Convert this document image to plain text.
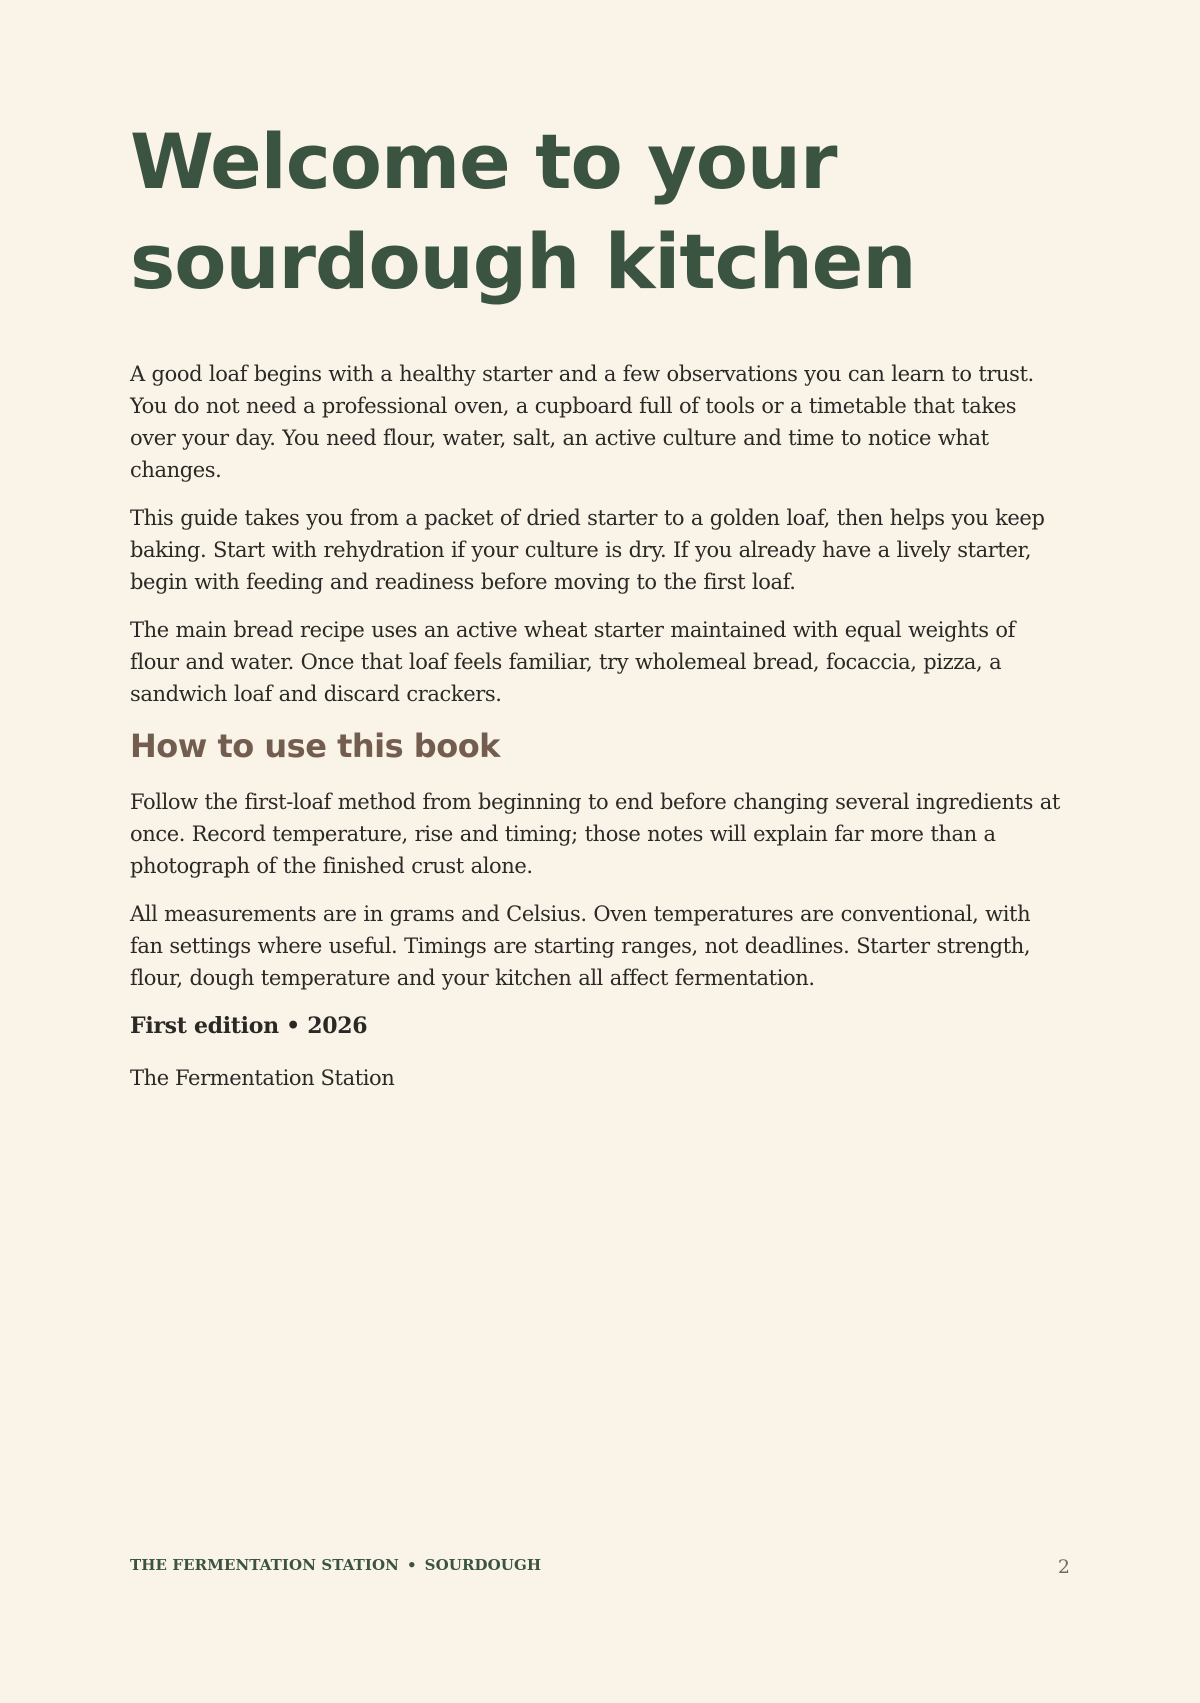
Welcome to your
sourdough kitchen

A good loaf begins with a healthy starter and a few observations you can learn to trust. You do not need a professional oven, a cupboard full of tools or a timetable that takes over your day. You need flour, water, salt, an active culture and time to notice what changes.

This guide takes you from a packet of dried starter to a golden loaf, then helps you keep baking. Start with rehydration if your culture is dry. If you already have a lively starter, begin with feeding and readiness before moving to the first loaf.

The main bread recipe uses an active wheat starter maintained with equal weights of flour and water. Once that loaf feels familiar, try wholemeal bread, focaccia, pizza, a sandwich loaf and discard crackers.

How to use this book

Follow the first-loaf method from beginning to end before changing several ingredients at once. Record temperature, rise and timing; those notes will explain far more than a photograph of the finished crust alone.

All measurements are in grams and Celsius. Oven temperatures are conventional, with fan settings where useful. Timings are starting ranges, not deadlines. Starter strength, flour, dough temperature and your kitchen all affect fermentation.

First edition • 2026

The Fermentation Station

THE FERMENTATION STATION • SOURDOUGH	2
